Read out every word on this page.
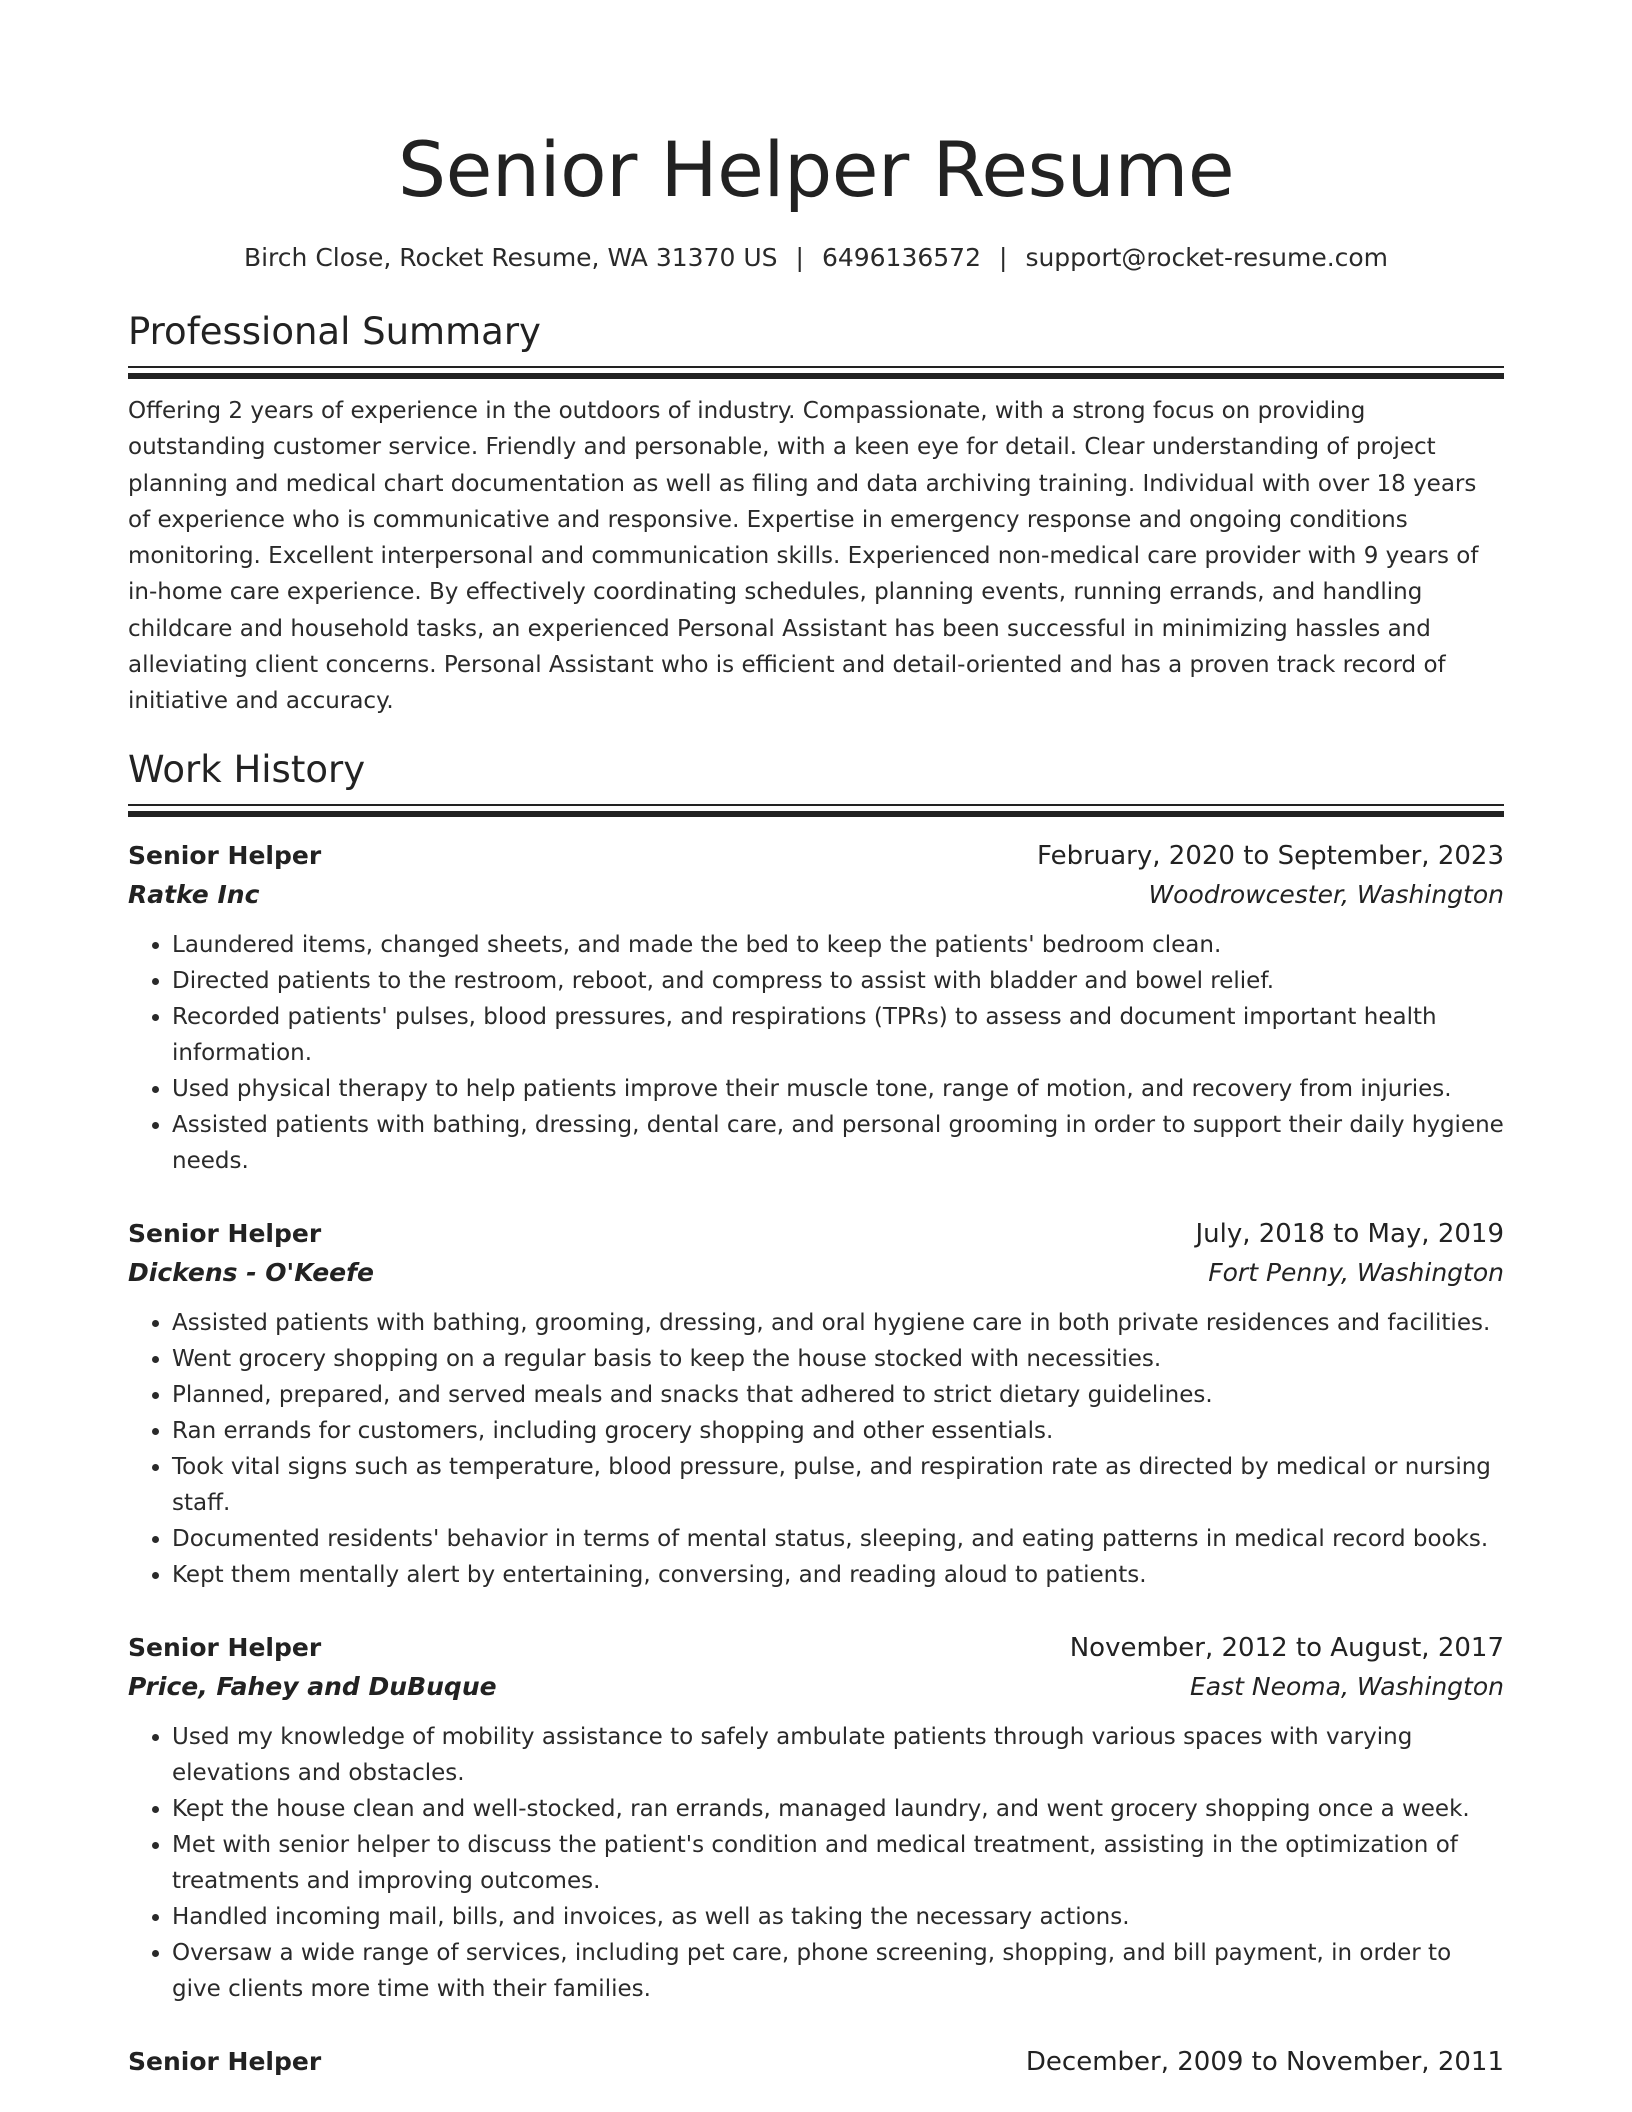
Senior Helper Resume
Birch Close, Rocket Resume, WA 31370 US | 6496136572 | support@rocket-resume.com
Professional Summary

Offering 2 years of experience in the outdoors of industry. Compassionate, with a strong focus on providing outstanding customer service. Friendly and personable, with a keen eye for detail. Clear understanding of project planning and medical chart documentation as well as filing and data archiving training. Individual with over 18 years of experience who is communicative and responsive. Expertise in emergency response and ongoing conditions monitoring. Excellent interpersonal and communication skills. Experienced non-medical care provider with 9 years of in-home care experience. By effectively coordinating schedules, planning events, running errands, and handling childcare and household tasks, an experienced Personal Assistant has been successful in minimizing hassles and alleviating client concerns. Personal Assistant who is efficient and detail-oriented and has a proven track record of initiative and accuracy.

Work History
Senior Helper	February, 2020 to September, 2023
Ratke Inc	Woodrowcester, Washington
• Laundered items, changed sheets, and made the bed to keep the patients' bedroom clean.
• Directed patients to the restroom, reboot, and compress to assist with bladder and bowel relief.
• Recorded patients' pulses, blood pressures, and respirations (TPRs) to assess and document important health information.
• Used physical therapy to help patients improve their muscle tone, range of motion, and recovery from injuries.
• Assisted patients with bathing, dressing, dental care, and personal grooming in order to support their daily hygiene needs.
Senior Helper	July, 2018 to May, 2019
Dickens - O'Keefe	Fort Penny, Washington
• Assisted patients with bathing, grooming, dressing, and oral hygiene care in both private residences and facilities.
• Went grocery shopping on a regular basis to keep the house stocked with necessities.
• Planned, prepared, and served meals and snacks that adhered to strict dietary guidelines.
• Ran errands for customers, including grocery shopping and other essentials.
• Took vital signs such as temperature, blood pressure, pulse, and respiration rate as directed by medical or nursing staff.
• Documented residents' behavior in terms of mental status, sleeping, and eating patterns in medical record books.
• Kept them mentally alert by entertaining, conversing, and reading aloud to patients.
Senior Helper	November, 2012 to August, 2017
Price, Fahey and DuBuque	East Neoma, Washington
• Used my knowledge of mobility assistance to safely ambulate patients through various spaces with varying elevations and obstacles.
• Kept the house clean and well-stocked, ran errands, managed laundry, and went grocery shopping once a week.
• Met with senior helper to discuss the patient's condition and medical treatment, assisting in the optimization of treatments and improving outcomes.
• Handled incoming mail, bills, and invoices, as well as taking the necessary actions.
• Oversaw a wide range of services, including pet care, phone screening, shopping, and bill payment, in order to give clients more time with their families.
Senior Helper	December, 2009 to November, 2011
